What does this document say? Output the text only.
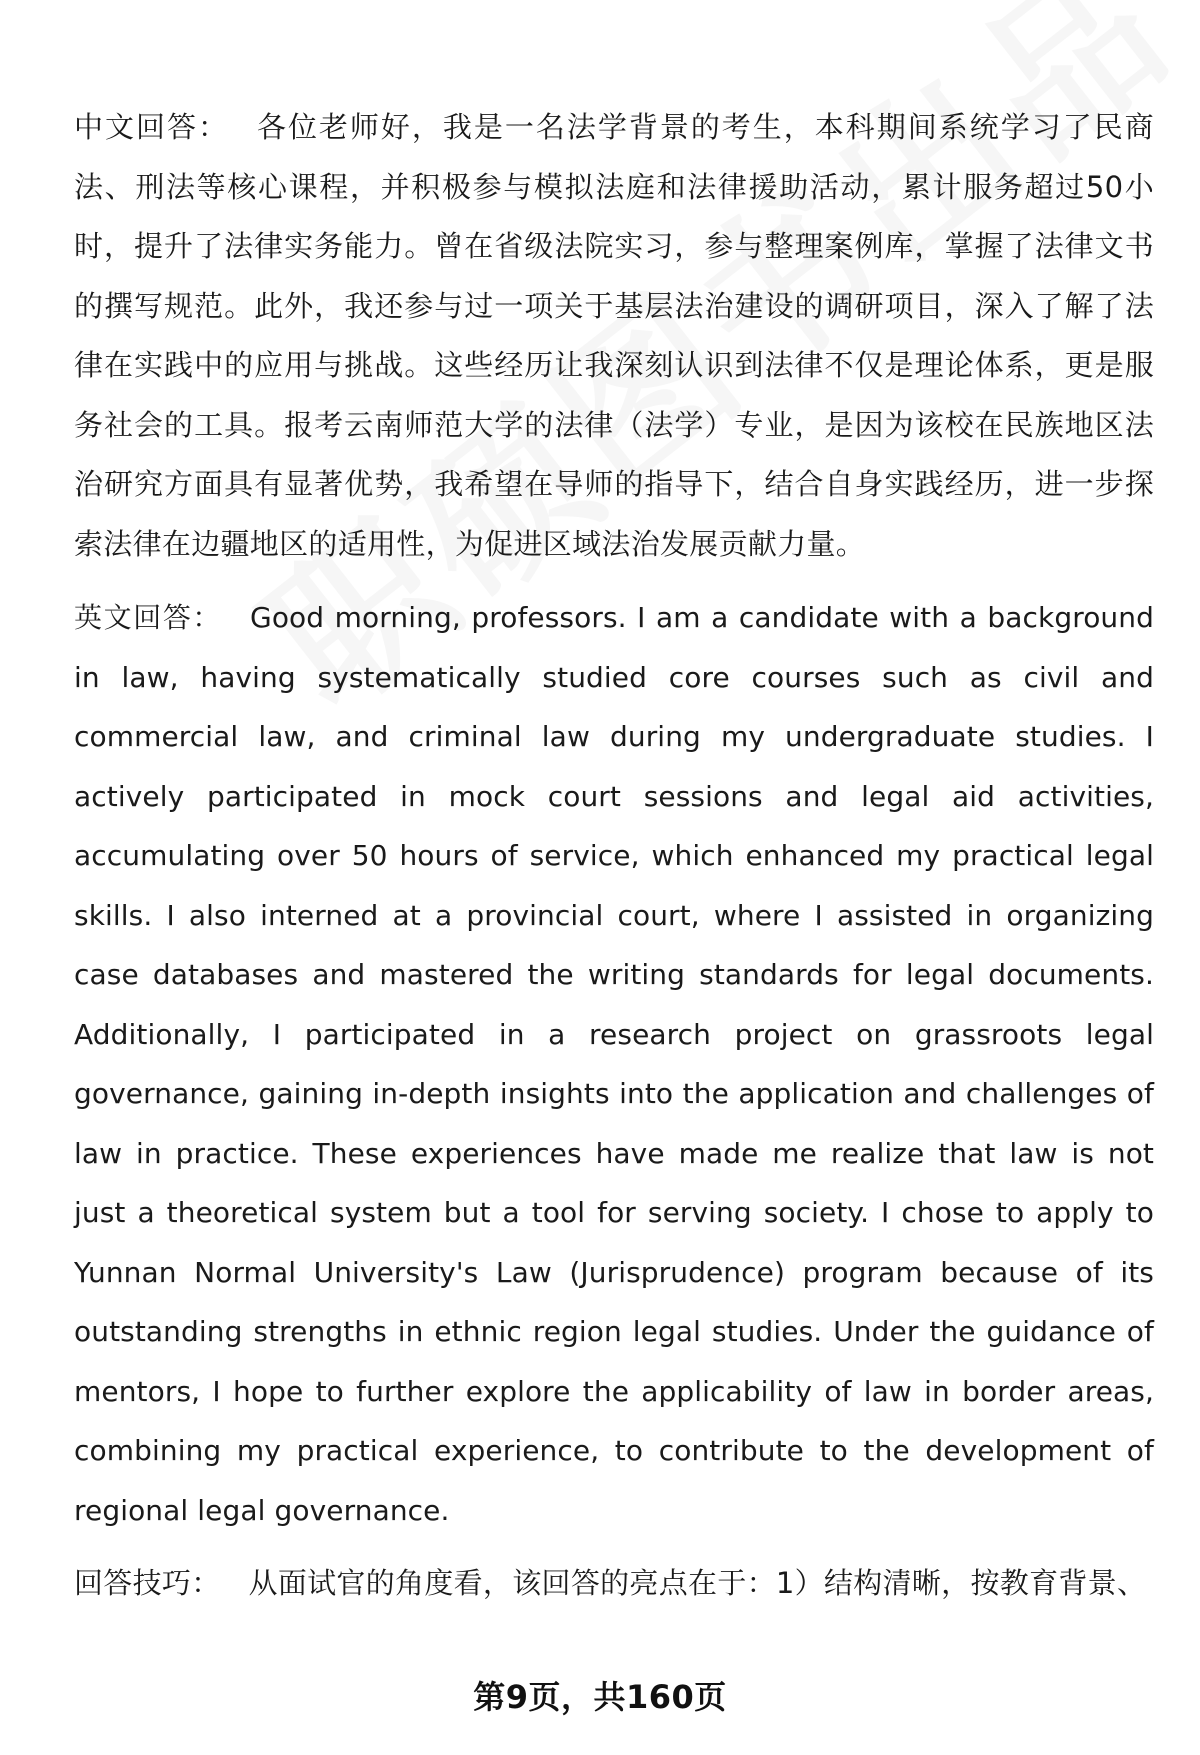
中文回答： 各位老师好，我是一名法学背景的考生，本科期间系统学习了民商法、刑法等核心课程，并积极参与模拟法庭和法律援助活动，累计服务超过50小时，提升了法律实务能力。曾在省级法院实习，参与整理案例库，掌握了法律文书的撰写规范。此外，我还参与过一项关于基层法治建设的调研项目，深入了解了法律在实践中的应用与挑战。这些经历让我深刻认识到法律不仅是理论体系，更是服务社会的工具。报考云南师范大学的法律（法学）专业，是因为该校在民族地区法治研究方面具有显著优势，我希望在导师的指导下，结合自身实践经历，进一步探索法律在边疆地区的适用性，为促进区域法治发展贡献力量。

英文回答： Good morning, professors. I am a candidate with a background in law, having systematically studied core courses such as civil and commercial law, and criminal law during my undergraduate studies. I actively participated in mock court sessions and legal aid activities, accumulating over 50 hours of service, which enhanced my practical legal skills. I also interned at a provincial court, where I assisted in organizing case databases and mastered the writing standards for legal documents. Additionally, I participated in a research project on grassroots legal governance, gaining in-depth insights into the application and challenges of law in practice. These experiences have made me realize that law is not just a theoretical system but a tool for serving society. I chose to apply to Yunnan Normal University's Law (Jurisprudence) program because of its outstanding strengths in ethnic region legal studies. Under the guidance of mentors, I hope to further explore the applicability of law in border areas, combining my practical experience, to contribute to the development of regional legal governance.

回答技巧： 从面试官的角度看，该回答的亮点在于：1）结构清晰，按教育背景、

第9页，共160页
